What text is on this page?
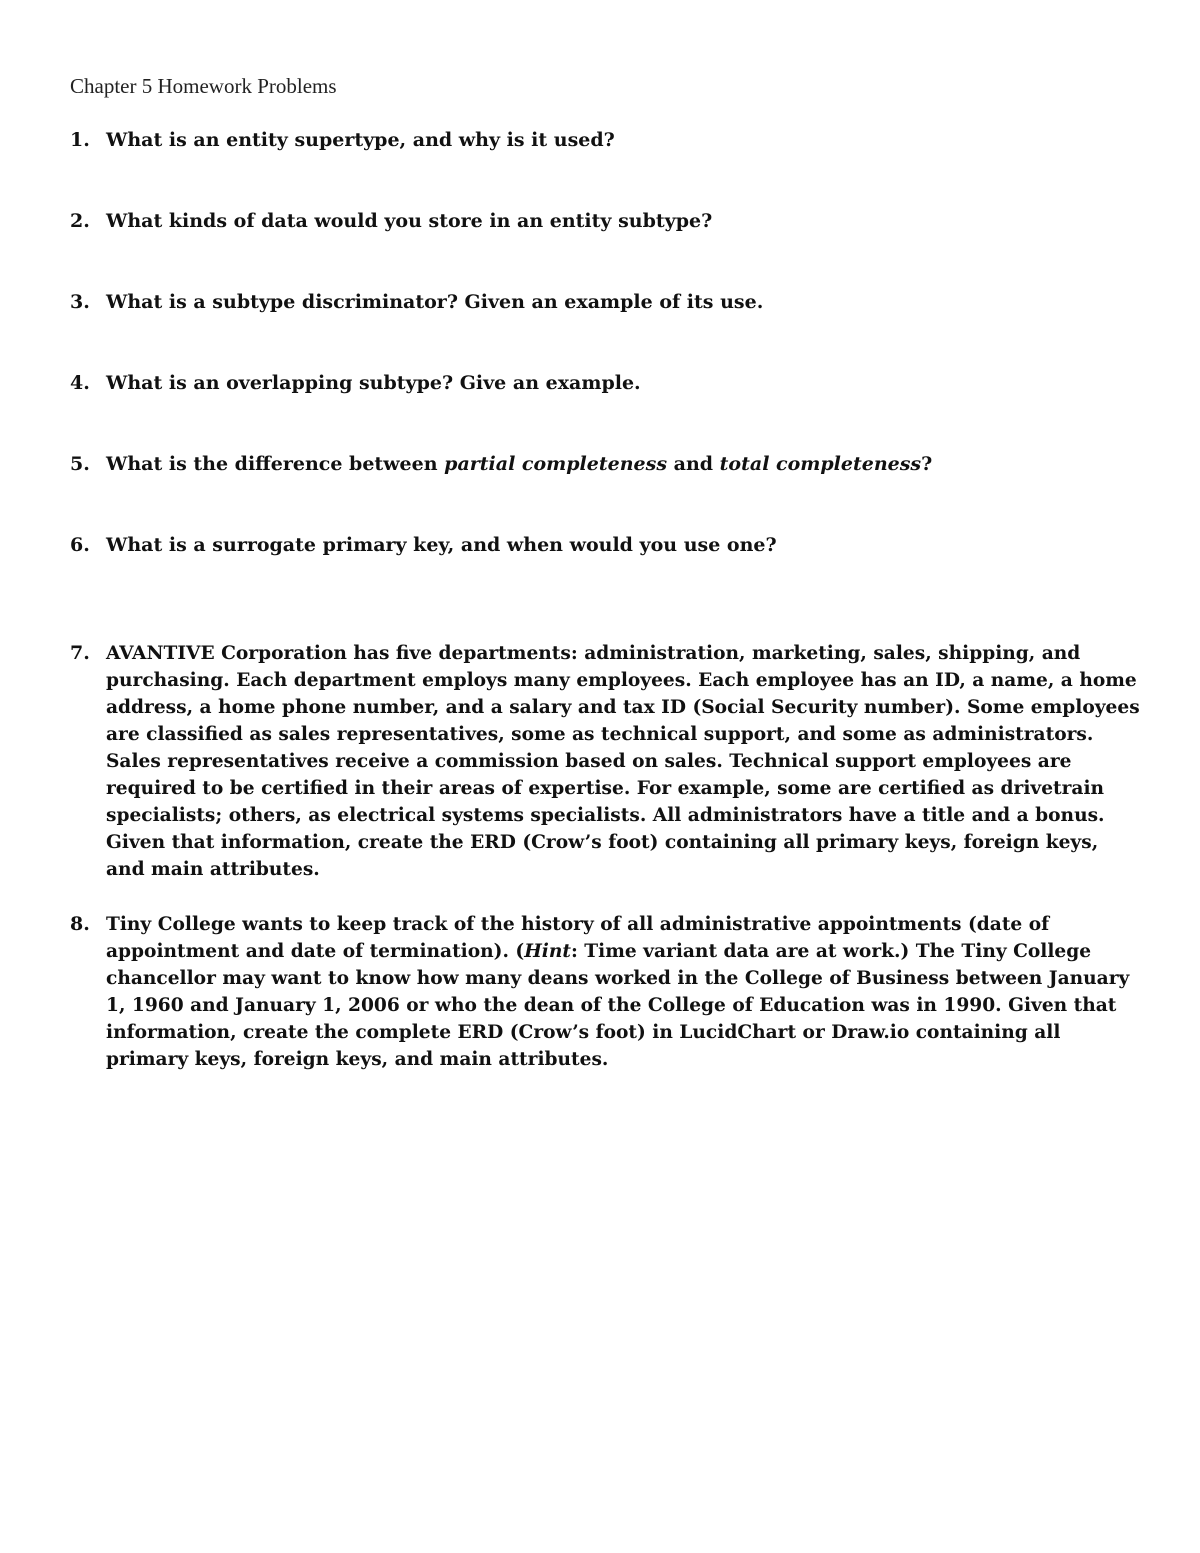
Chapter 5 Homework Problems
1. What is an entity supertype, and why is it used?
2. What kinds of data would you store in an entity subtype?
3. What is a subtype discriminator? Given an example of its use.
4. What is an overlapping subtype? Give an example.
5. What is the difference between partial completeness and total completeness?
6. What is a surrogate primary key, and when would you use one?
7. AVANTIVE Corporation has five departments: administration, marketing, sales, shipping, and purchasing. Each department employs many employees. Each employee has an ID, a name, a home address, a home phone number, and a salary and tax ID (Social Security number). Some employees are classified as sales representatives, some as technical support, and some as administrators. Sales representatives receive a commission based on sales. Technical support employees are required to be certified in their areas of expertise. For example, some are certified as drivetrain specialists; others, as electrical systems specialists. All administrators have a title and a bonus. Given that information, create the ERD (Crow’s foot) containing all primary keys, foreign keys, and main attributes.
8. Tiny College wants to keep track of the history of all administrative appointments (date of appointment and date of termination). (Hint: Time variant data are at work.) The Tiny College chancellor may want to know how many deans worked in the College of Business between January 1, 1960 and January 1, 2006 or who the dean of the College of Education was in 1990. Given that information, create the complete ERD (Crow’s foot) in LucidChart or Draw.io containing all primary keys, foreign keys, and main attributes.
